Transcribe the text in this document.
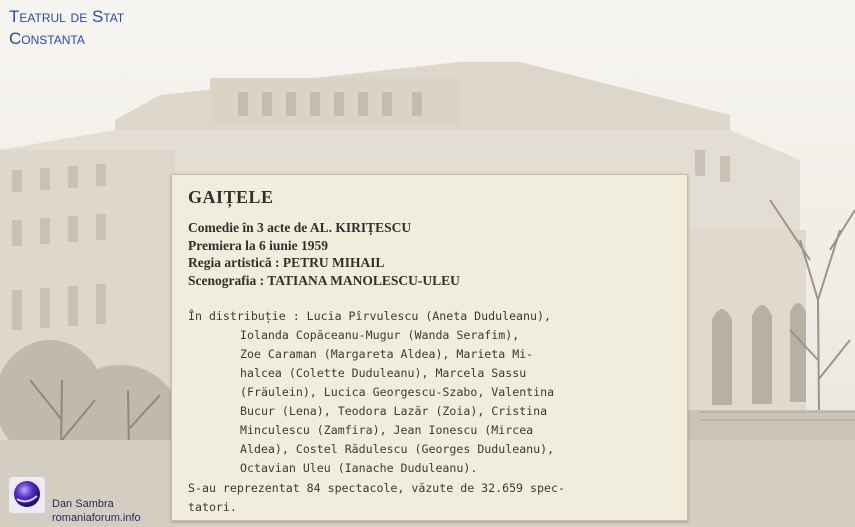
Teatrul de Stat
Constanta
GAIȚELE
Comedie în 3 acte de AL. KIRIȚESCU
Premiera la 6 iunie 1959
Regia artistică : PETRU MIHAIL
Scenografia : TATIANA MANOLESCU-ULEU
În distribuție : Lucia Pîrvulescu (Aneta Duduleanu),
Iolanda Copăceanu-Mugur (Wanda Serafim),
Zoe Caraman (Margareta Aldea), Marieta Mi-
halcea (Colette Duduleanu), Marcela Sassu
(Fräulein), Lucica Georgescu-Szabo, Valentina
Bucur (Lena), Teodora Lazăr (Zoia), Cristina
Minculescu (Zamfira), Jean Ionescu (Mircea
Aldea), Costel Rădulescu (Georges Duduleanu),
Octavian Uleu (Ianache Duduleanu).
S-au reprezentat 84 spectacole, văzute de 32.659 spec-
tatori.
Dan Sambra
romaniaforum.info
